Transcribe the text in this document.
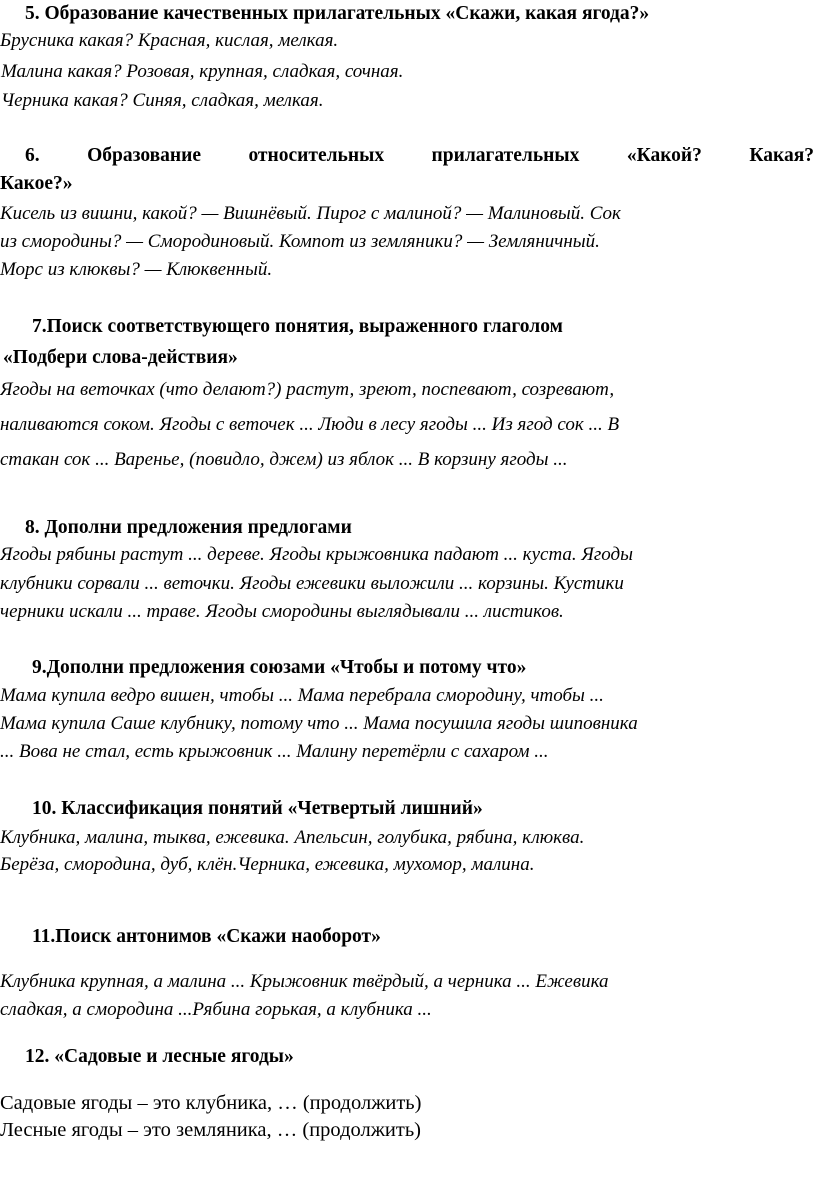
5. Образование качественных прилагательных «Скажи, какая ягода?»
Брусника какая? Красная, кислая, мелкая.
Малина какая? Розовая, крупная, сладкая, сочная.
Черника какая? Синяя, сладкая, мелкая.
6. Образование относительных прилагательных «Какой? Какая?
Какое?»
Кисель из вишни, какой? — Вишнёвый. Пирог с малиной? — Малиновый. Сок
из смородины? — Смородиновый. Компот из земляники? — Земляничный.
Морс из клюквы? — Клюквенный.
7.Поиск соответствующего понятия, выраженного глаголом
«Подбери слова-действия»
Ягоды на веточках (что делают?) растут, зреют, поспевают, созревают,
наливаются соком. Ягоды с веточек ... Люди в лесу ягоды ... Из ягод сок ... В
стакан сок ... Варенье, (повидло, джем) из яблок ... В корзину ягоды ...
8. Дополни предложения предлогами
Ягоды рябины растут ... дереве. Ягоды крыжовника падают ... куста. Ягоды
клубники сорвали ... веточки. Ягоды ежевики выложили ... корзины. Кустики
черники искали ... траве. Ягоды смородины выглядывали ... листиков.
9.Дополни предложения союзами «Чтобы и потому что»
Мама купила ведро вишен, чтобы ... Мама перебрала смородину, чтобы ...
Мама купила Саше клубнику, потому что ... Мама посушила ягоды шиповника
... Вова не стал, есть крыжовник ... Малину перетёрли с сахаром ...
10. Классификация понятий «Четвертый лишний»
Клубника, малина, тыква, ежевика. Апельсин, голубика, рябина, клюква.
Берёза, смородина, дуб, клён.Черника, ежевика, мухомор, малина.
11.Поиск антонимов «Скажи наоборот»
Клубника крупная, а малина ... Крыжовник твёрдый, а черника ... Ежевика
сладкая, а смородина ...Рябина горькая, а клубника ...
12. «Садовые и лесные ягоды»
Садовые ягоды – это клубника, … (продолжить)
Лесные ягоды – это земляника, … (продолжить)
